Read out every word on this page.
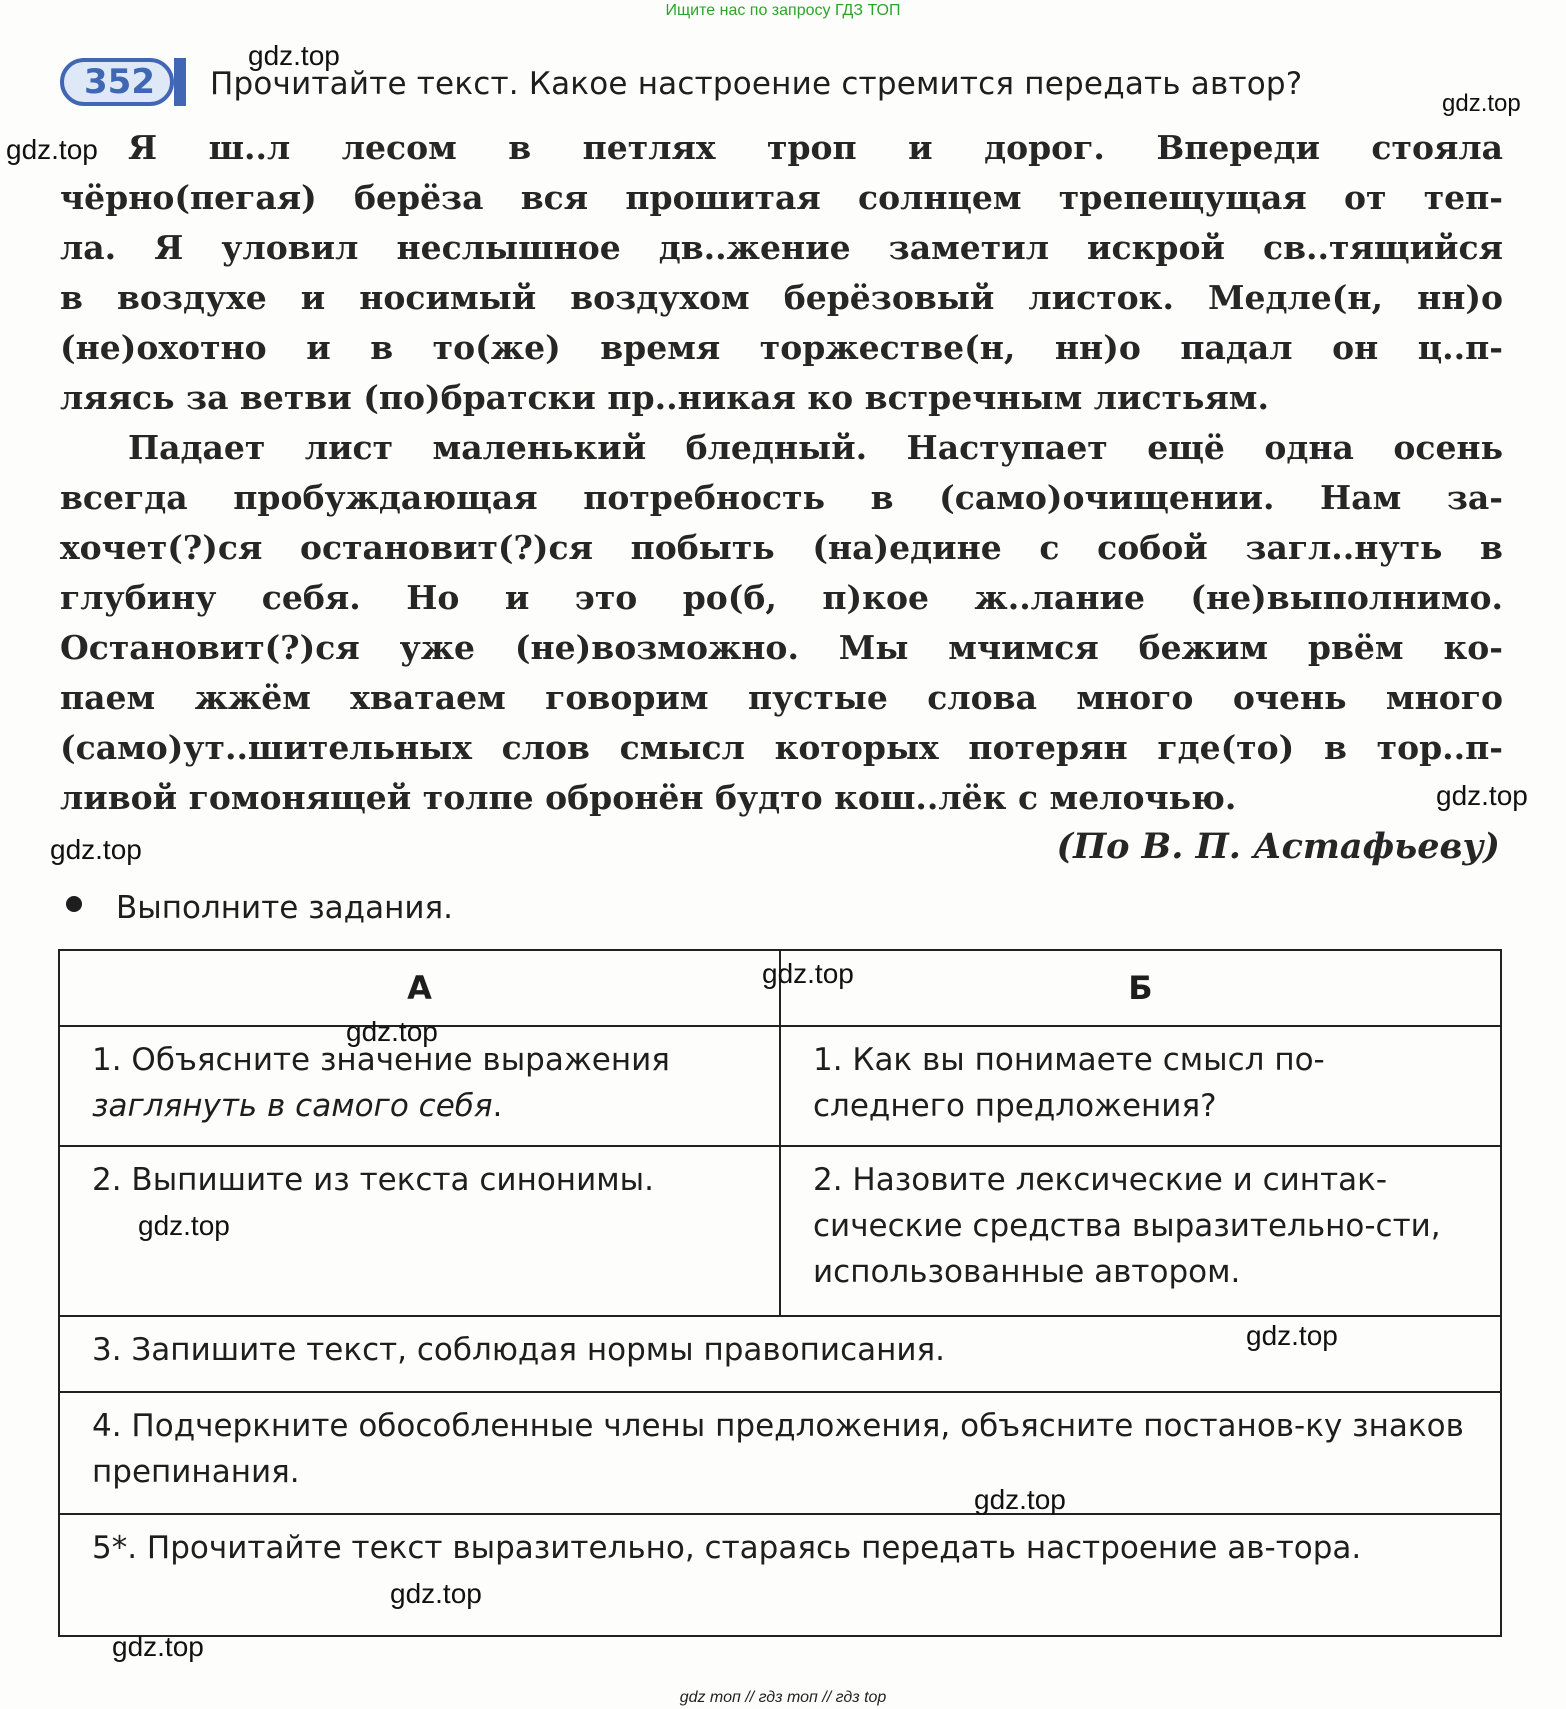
Ищите нас по запросу ГДЗ ТОП
352	Прочитайте текст. Какое настроение стремится передать автор?
Я ш..л лесом в петлях троп и дорог. Впереди стояла
чёрно(пегая) берёза вся прошитая солнцем трепещущая от теп-
ла. Я уловил неслышное дв..жение заметил искрой св..тящийся
в воздухе и носимый воздухом берёзовый листок. Медле(н, нн)о
(не)охотно и в то(же) время торжестве(н, нн)о падал он ц..п-
ляясь за ветви (по)братски пр..никая ко встречным листьям.
Падает лист маленький бледный. Наступает ещё одна осень
всегда пробуждающая потребность в (само)очищении. Нам за-
хочет(?)ся остановит(?)ся побыть (на)едине с собой загл..нуть в
глубину себя. Но и это ро(б, п)кое ж..лание (не)выполнимо.
Остановит(?)ся уже (не)возможно. Мы мчимся бежим рвём ко-
паем жжём хватаем говорим пустые слова много очень много
(само)ут..шительных слов смысл которых потерян где(то) в тор..п-
ливой гомонящей толпе обронён будто кош..лёк с мелочью.
(По В. П. Астафьеву)
Выполните задания.
А	Б
1. Объясните значение выражения
заглянуть в самого себя.	1. Как вы понимаете смысл по-следнего предложения?
2. Выпишите из текста синонимы.	2. Назовите лексические и синтак-сические средства выразительно-сти, использованные автором.
3. Запишите текст, соблюдая нормы правописания.	
4. Подчеркните обособленные члены предложения, объясните постанов-ку знаков препинания.	
5*. Прочитайте текст выразительно, стараясь передать настроение ав-тора.	
gdz.top
gdz.top
gdz.top
gdz.top
gdz.top
gdz.top
gdz.top
gdz.top
gdz.top
gdz.top
gdz.top
gdz.top
gdz топ // гдз топ // гдз top
